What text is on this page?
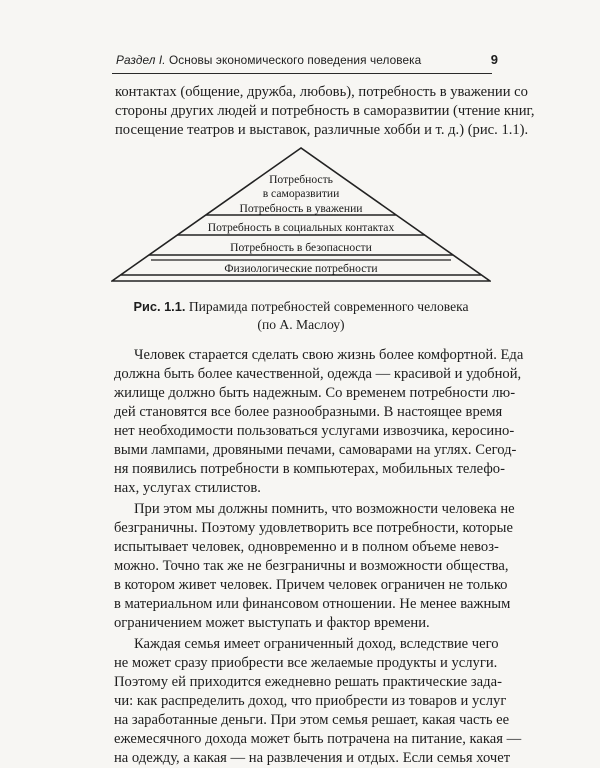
Раздел I. Основы экономического поведения человека	9
контактах (общение, дружба, любовь), потребность в уважении со
стороны других людей и потребность в саморазвитии (чтение книг,
посещение театров и выставок, различные хобби и т. д.) (рис. 1.1).
Потребность
в саморазвитии
Потребность в уважении
Потребность в социальных контактах
Потребность в безопасности
Физиологические потребности
Рис. 1.1. Пирамида потребностей современного человека
(по А. Маслоу)
Человек старается сделать свою жизнь более комфортной. Еда
должна быть более качественной, одежда — красивой и удобной,
жилище должно быть надежным. Со временем потребности лю-
дей становятся все более разнообразными. В настоящее время
нет необходимости пользоваться услугами извозчика, керосино-
выми лампами, дровяными печами, самоварами на углях. Сегод-
ня появились потребности в компьютерах, мобильных телефо-
нах, услугах стилистов.
При этом мы должны помнить, что возможности человека не
безграничны. Поэтому удовлетворить все потребности, которые
испытывает человек, одновременно и в полном объеме невоз-
можно. Точно так же не безграничны и возможности общества,
в котором живет человек. Причем человек ограничен не только
в материальном или финансовом отношении. Не менее важным
ограничением может выступать и фактор времени.
Каждая семья имеет ограниченный доход, вследствие чего
не может сразу приобрести все желаемые продукты и услуги.
Поэтому ей приходится ежедневно решать практические зада-
чи: как распределить доход, что приобрести из товаров и услуг
на заработанные деньги. При этом семья решает, какая часть ее
ежемесячного дохода может быть потрачена на питание, какая —
на одежду, а какая — на развлечения и отдых. Если семья хочет
